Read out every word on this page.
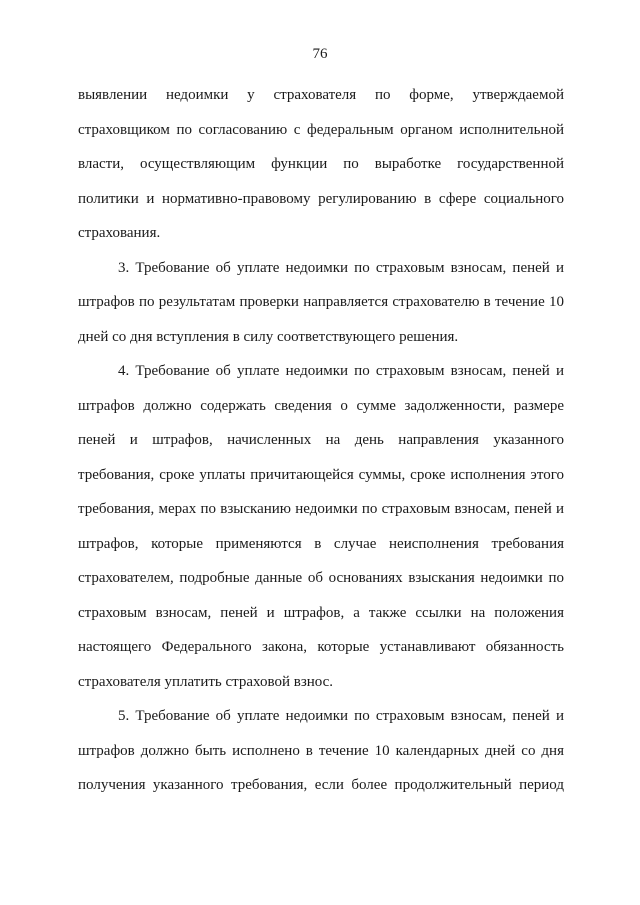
76

выявлении недоимки у страхователя по форме, утверждаемой
страховщиком по согласованию с федеральным органом исполнительной
власти, осуществляющим функции по выработке государственной
политики и нормативно-правовому регулированию в сфере социального
страхования.

3. Требование об уплате недоимки по страховым взносам, пеней и
штрафов по результатам проверки направляется страхователю в течение 10
дней со дня вступления в силу соответствующего решения.

4. Требование об уплате недоимки по страховым взносам, пеней и
штрафов должно содержать сведения о сумме задолженности, размере
пеней и штрафов, начисленных на день направления указанного
требования, сроке уплаты причитающейся суммы, сроке исполнения этого
требования, мерах по взысканию недоимки по страховым взносам, пеней и
штрафов, которые применяются в случае неисполнения требования
страхователем, подробные данные об основаниях взыскания недоимки по
страховым взносам, пеней и штрафов, а также ссылки на положения
настоящего Федерального закона, которые устанавливают обязанность
страхователя уплатить страховой взнос.

5. Требование об уплате недоимки по страховым взносам, пеней и
штрафов должно быть исполнено в течение 10 календарных дней со дня
получения указанного требования, если более продолжительный период
